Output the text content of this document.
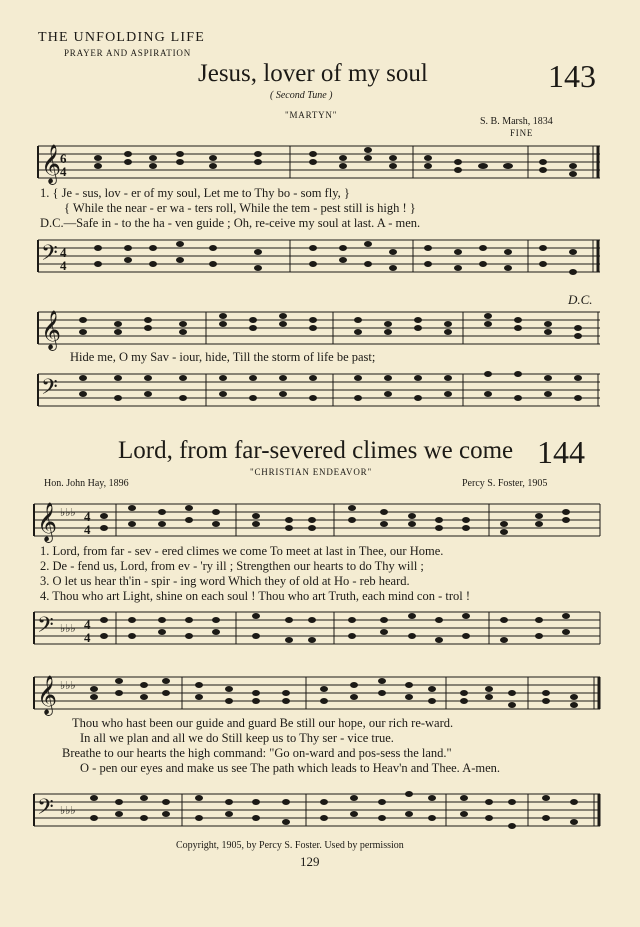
THE UNFOLDING LIFE
PRAYER AND ASPIRATION
Jesus, lover of my soul	143
( Second Tune )
"MARTYN"
S. B. Marsh, 1834
FINE
𝄞
6
4
1. { Je - sus, lov - er of my soul, Let me to Thy bo - som fly, }
{ While the near - er wa - ters roll, While the tem - pest still is high ! }
D.C.—Safe in - to the ha - ven guide ; Oh, re-ceive my soul at last. A - men.
𝄢 4
4
D.C.
𝄞
Hide me, O my Sav - iour, hide, Till the storm of life be past;
𝄢
Lord, from far-severed climes we come 144
"CHRISTIAN ENDEAVOR"
Hon. John Hay, 1896	Percy S. Foster, 1905
𝄞 ♭♭♭ 4
4
1. Lord, from far - sev - ered climes we come To meet at last in Thee, our Home.
2. De - fend us, Lord, from ev - 'ry ill ; Strengthen our hearts to do Thy will ;
3. O let us hear th'in - spir - ing word Which they of old at Ho - reb heard.
4. Thou who art Light, shine on each soul ! Thou who art Truth, each mind con - trol !
𝄢 ♭♭♭ 4
4
𝄞 ♭♭♭
Thou who hast been our guide and guard Be still our hope, our rich re-ward.
In all we plan and all we do Still keep us to Thy ser - vice true.
Breathe to our hearts the high command: "Go on-ward and pos-sess the land."
O - pen our eyes and make us see The path which leads to Heav'n and Thee. A-men.
𝄢 ♭♭♭
Copyright, 1905, by Percy S. Foster. Used by permission
129
